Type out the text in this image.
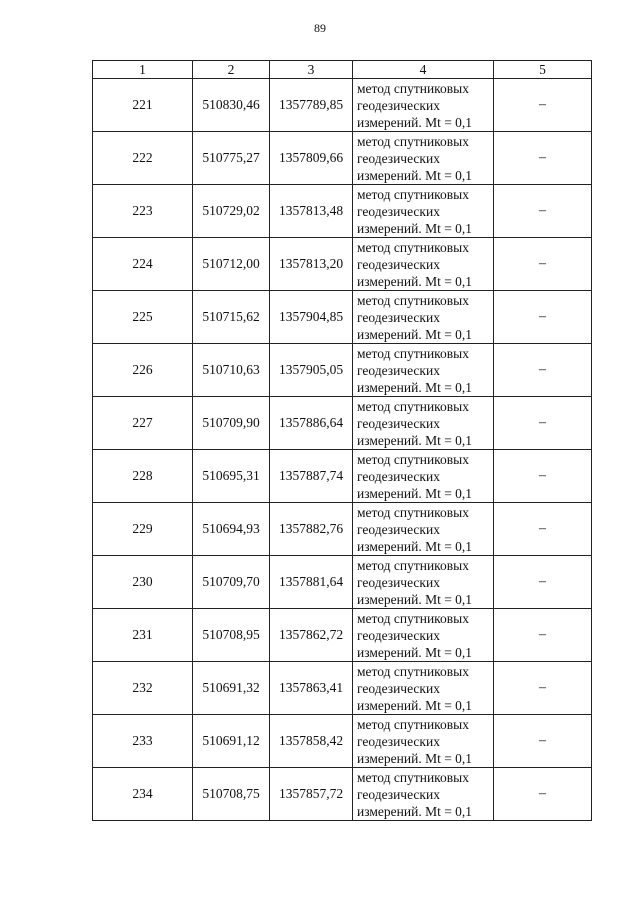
89
1	2	3	4	5
221	510830,46	1357789,85	метод спутниковых
геодезических
измерений. Mt = 0,1	–
222	510775,27	1357809,66	метод спутниковых
геодезических
измерений. Mt = 0,1	–
223	510729,02	1357813,48	метод спутниковых
геодезических
измерений. Mt = 0,1	–
224	510712,00	1357813,20	метод спутниковых
геодезических
измерений. Mt = 0,1	–
225	510715,62	1357904,85	метод спутниковых
геодезических
измерений. Mt = 0,1	–
226	510710,63	1357905,05	метод спутниковых
геодезических
измерений. Mt = 0,1	–
227	510709,90	1357886,64	метод спутниковых
геодезических
измерений. Mt = 0,1	–
228	510695,31	1357887,74	метод спутниковых
геодезических
измерений. Mt = 0,1	–
229	510694,93	1357882,76	метод спутниковых
геодезических
измерений. Mt = 0,1	–
230	510709,70	1357881,64	метод спутниковых
геодезических
измерений. Mt = 0,1	–
231	510708,95	1357862,72	метод спутниковых
геодезических
измерений. Mt = 0,1	–
232	510691,32	1357863,41	метод спутниковых
геодезических
измерений. Mt = 0,1	–
233	510691,12	1357858,42	метод спутниковых
геодезических
измерений. Mt = 0,1	–
234	510708,75	1357857,72	метод спутниковых
геодезических
измерений. Mt = 0,1	–
